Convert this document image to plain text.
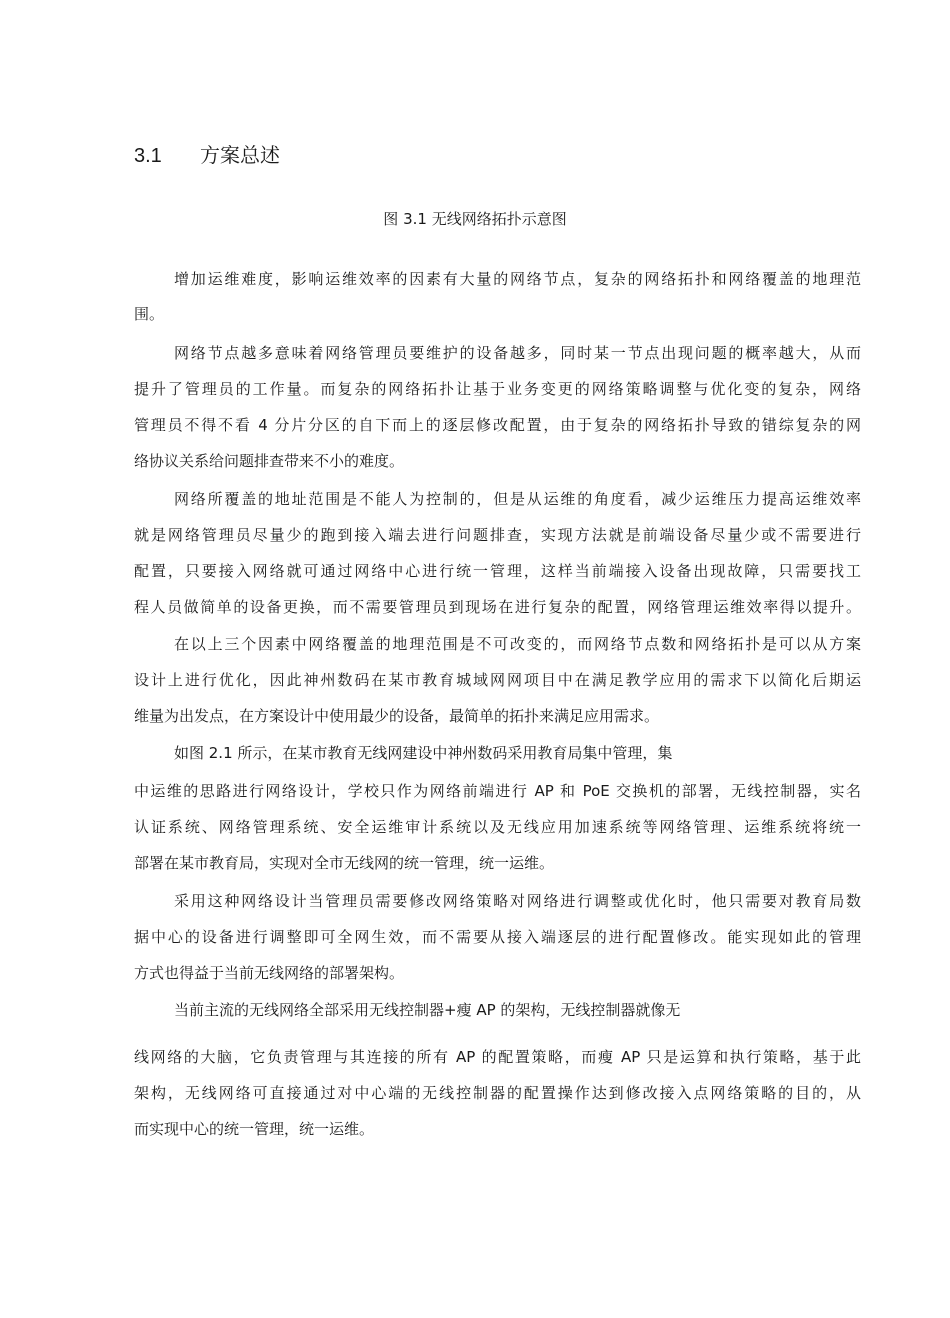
3.1 方案总述
图 3.1 无线网络拓扑示意图
增加运维难度，影响运维效率的因素有大量的网络节点，复杂的网络拓扑和网络覆盖的地理范
围。
网络节点越多意味着网络管理员要维护的设备越多，同时某一节点出现问题的概率越大，从而
提升了管理员的工作量。而复杂的网络拓扑让基于业务变更的网络策略调整与优化变的复杂，网络
管理员不得不看 4 分片分区的自下而上的逐层修改配置，由于复杂的网络拓扑导致的错综复杂的网
络协议关系给问题排查带来不小的难度。
网络所覆盖的地址范围是不能人为控制的，但是从运维的角度看，减少运维压力提高运维效率
就是网络管理员尽量少的跑到接入端去进行问题排查，实现方法就是前端设备尽量少或不需要进行
配置，只要接入网络就可通过网络中心进行统一管理，这样当前端接入设备出现故障，只需要找工
程人员做简单的设备更换，而不需要管理员到现场在进行复杂的配置，网络管理运维效率得以提升。
在以上三个因素中网络覆盖的地理范围是不可改变的，而网络节点数和网络拓扑是可以从方案
设计上进行优化，因此神州数码在某市教育城域网网项目中在满足教学应用的需求下以简化后期运
维量为出发点，在方案设计中使用最少的设备，最简单的拓扑来满足应用需求。
如图 2.1 所示，在某市教育无线网建设中神州数码采用教育局集中管理，集
中运维的思路进行网络设计，学校只作为网络前端进行 AP 和 PoE 交换机的部署，无线控制器，实名
认证系统、网络管理系统、安全运维审计系统以及无线应用加速系统等网络管理、运维系统将统一
部署在某市教育局，实现对全市无线网的统一管理，统一运维。
采用这种网络设计当管理员需要修改网络策略对网络进行调整或优化时，他只需要对教育局数
据中心的设备进行调整即可全网生效，而不需要从接入端逐层的进行配置修改。能实现如此的管理
方式也得益于当前无线网络的部署架构。
当前主流的无线网络全部采用无线控制器+瘦 AP 的架构，无线控制器就像无
线网络的大脑，它负责管理与其连接的所有 AP 的配置策略，而瘦 AP 只是运算和执行策略，基于此
架构，无线网络可直接通过对中心端的无线控制器的配置操作达到修改接入点网络策略的目的，从
而实现中心的统一管理，统一运维。
